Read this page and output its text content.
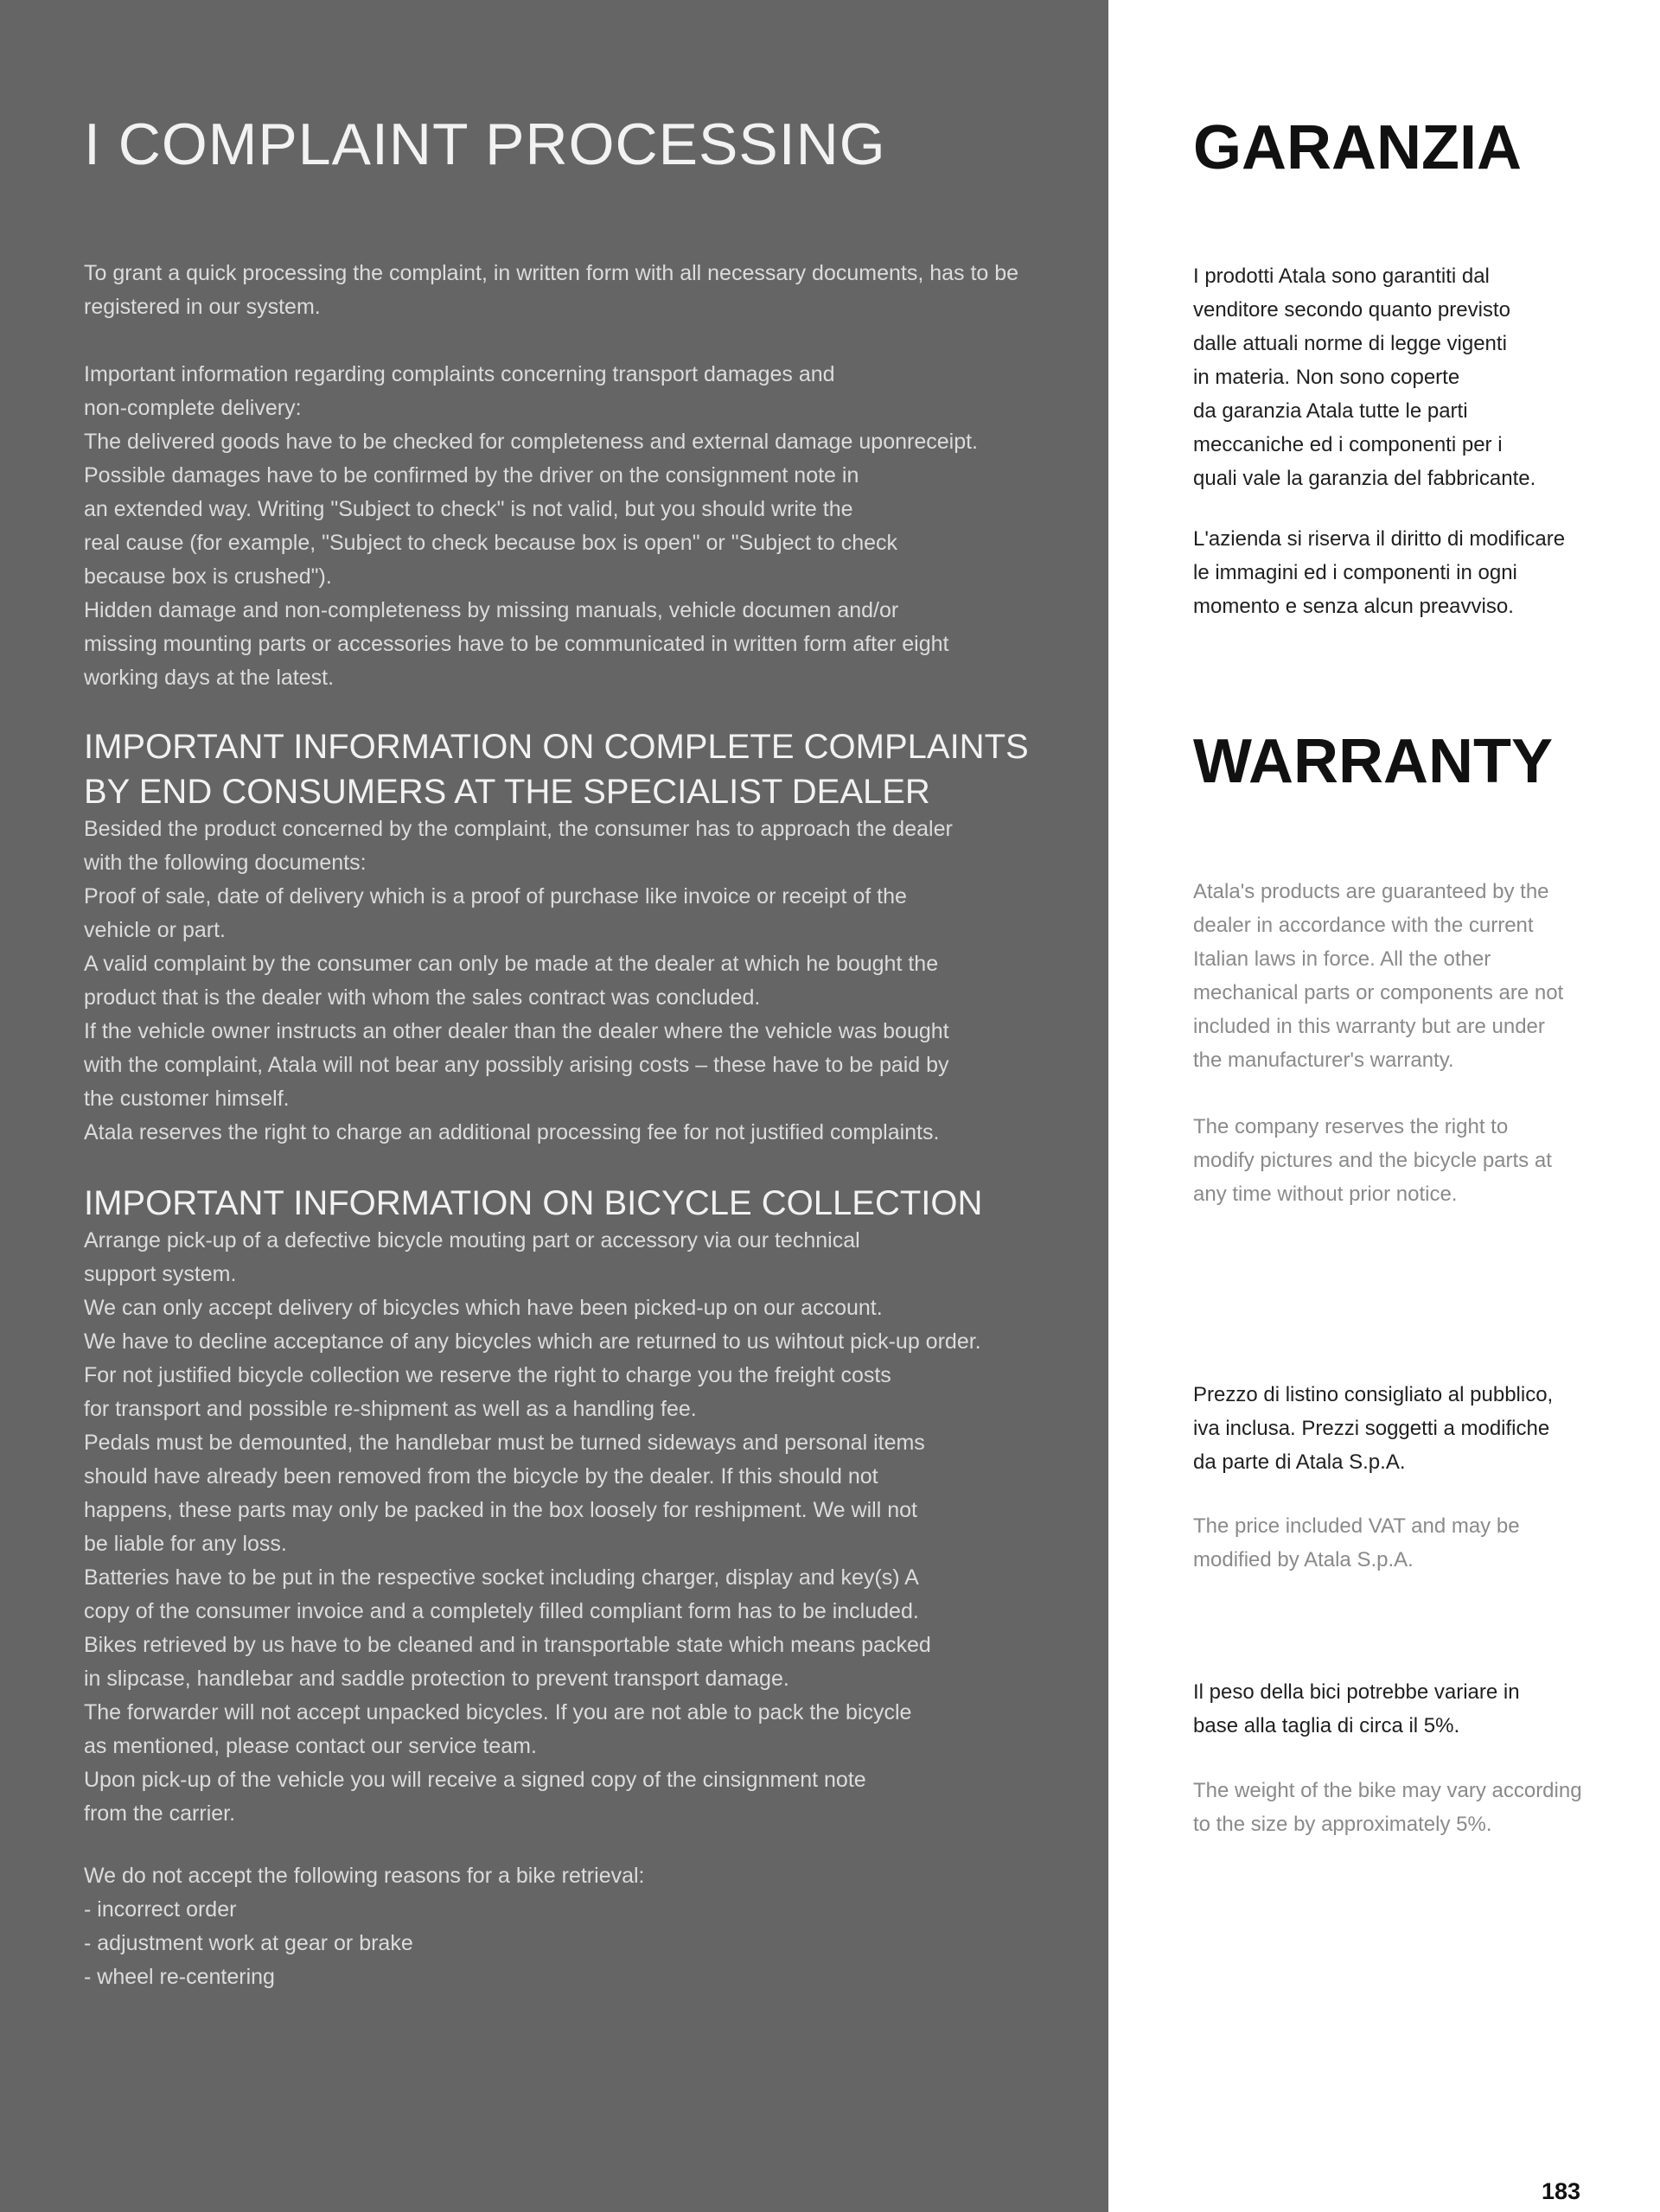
I COMPLAINT PROCESSING
To grant a quick processing the complaint, in written form with all necessary documents, has to be
registered in our system.
Important information regarding complaints concerning transport damages and
non-complete delivery:
The delivered goods have to be checked for completeness and external damage uponreceipt.
Possible damages have to be confirmed by the driver on the consignment note in
an extended way. Writing "Subject to check" is not valid, but you should write the
real cause (for example, "Subject to check because box is open" or "Subject to check
because box is crushed").
Hidden damage and non-completeness by missing manuals, vehicle documen and/or
missing mounting parts or accessories have to be communicated in written form after eight
working days at the latest.
IMPORTANT INFORMATION ON COMPLETE COMPLAINTS
BY END CONSUMERS AT THE SPECIALIST DEALER
Besided the product concerned by the complaint, the consumer has to approach the dealer
with the following documents:
Proof of sale, date of delivery which is a proof of purchase like invoice or receipt of the
vehicle or part.
A valid complaint by the consumer can only be made at the dealer at which he bought the
product that is the dealer with whom the sales contract was concluded.
If the vehicle owner instructs an other dealer than the dealer where the vehicle was bought
with the complaint, Atala will not bear any possibly arising costs – these have to be paid by
the customer himself.
Atala reserves the right to charge an additional processing fee for not justified complaints.
IMPORTANT INFORMATION ON BICYCLE COLLECTION
Arrange pick-up of a defective bicycle mouting part or accessory via our technical
support system.
We can only accept delivery of bicycles which have been picked-up on our account.
We have to decline acceptance of any bicycles which are returned to us wihtout pick-up order.
For not justified bicycle collection we reserve the right to charge you the freight costs
for transport and possible re-shipment as well as a handling fee.
Pedals must be demounted, the handlebar must be turned sideways and personal items
should have already been removed from the bicycle by the dealer. If this should not
happens, these parts may only be packed in the box loosely for reshipment. We will not
be liable for any loss.
Batteries have to be put in the respective socket including charger, display and key(s) A
copy of the consumer invoice and a completely filled compliant form has to be included.
Bikes retrieved by us have to be cleaned and in transportable state which means packed
in slipcase, handlebar and saddle protection to prevent transport damage.
The forwarder will not accept unpacked bicycles. If you are not able to pack the bicycle
as mentioned, please contact our service team.
Upon pick-up of the vehicle you will receive a signed copy of the cinsignment note
from the carrier.
We do not accept the following reasons for a bike retrieval:
- incorrect order
- adjustment work at gear or brake
- wheel re-centering
GARANZIA
I prodotti Atala sono garantiti dal
venditore secondo quanto previsto
dalle attuali norme di legge vigenti
in materia. Non sono coperte
da garanzia Atala tutte le parti
meccaniche ed i componenti per i
quali vale la garanzia del fabbricante.
L'azienda si riserva il diritto di modificare
le immagini ed i componenti in ogni
momento e senza alcun preavviso.
WARRANTY
Atala's products are guaranteed by the
dealer in accordance with the current
Italian laws in force. All the other
mechanical parts or components are not
included in this warranty but are under
the manufacturer's warranty.
The company reserves the right to
modify pictures and the bicycle parts at
any time without prior notice.
Prezzo di listino consigliato al pubblico,
iva inclusa. Prezzi soggetti a modifiche
da parte di Atala S.p.A.
The price included VAT and may be
modified by Atala S.p.A.
Il peso della bici potrebbe variare in
base alla taglia di circa il 5%.
The weight of the bike may vary according
to the size by approximately 5%.
183
